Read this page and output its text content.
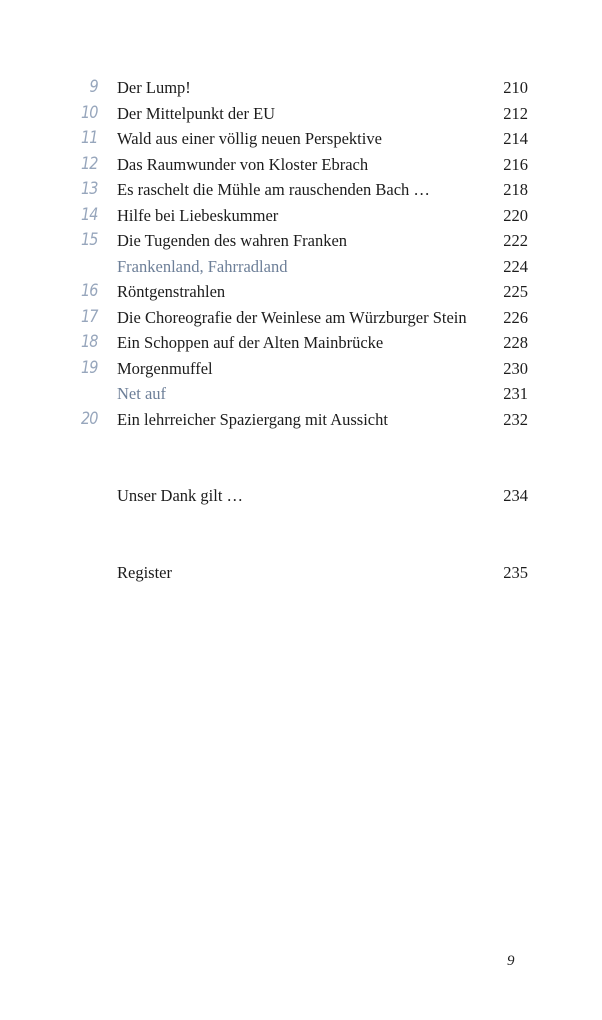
9 Der Lump!	210
10 Der Mittelpunkt der EU	212
11 Wald aus einer völlig neuen Perspektive	214
12 Das Raumwunder von Kloster Ebrach	216
13 Es raschelt die Mühle am rauschenden Bach …	218
14 Hilfe bei Liebeskummer	220
15 Die Tugenden des wahren Franken	222
Frankenland, Fahrradland	224
16 Röntgenstrahlen	225
17 Die Choreografie der Weinlese am Würzburger Stein 226
18 Ein Schoppen auf der Alten Mainbrücke	228
19 Morgenmuffel	230
Net auf	231
20 Ein lehrreicher Spaziergang mit Aussicht	232
Unser Dank gilt …	234
Register	235
9
